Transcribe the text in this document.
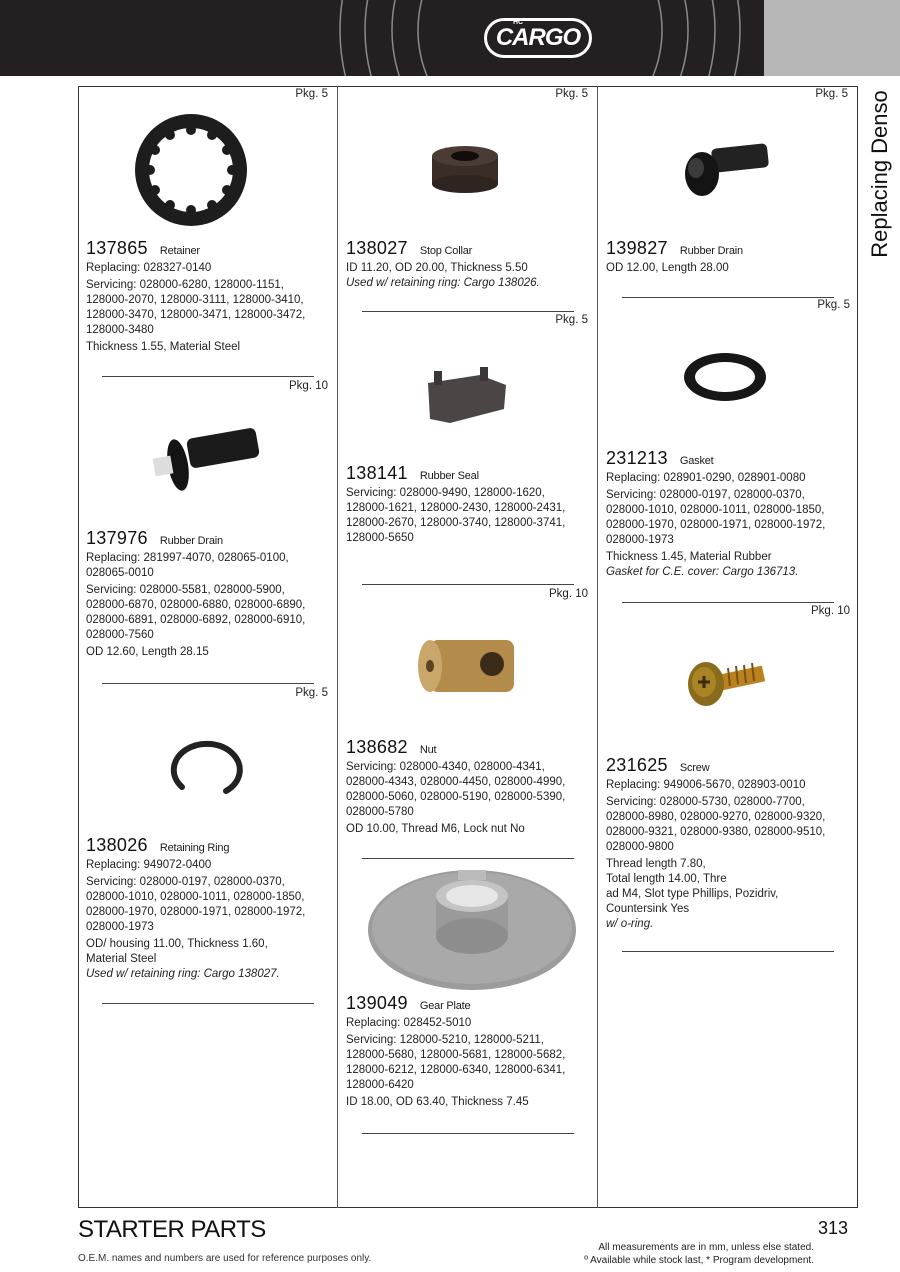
HC
CARGO
Replacing Denso
Pkg. 5
137865 Retainer
Replacing: 028327-0140
Servicing: 028000-6280, 128000-1151,
128000-2070, 128000-3111, 128000-3410,
128000-3470, 128000-3471, 128000-3472,
128000-3480
Thickness 1.55, Material Steel
Pkg. 10
137976 Rubber Drain
Replacing: 281997-4070, 028065-0100,
028065-0010
Servicing: 028000-5581, 028000-5900,
028000-6870, 028000-6880, 028000-6890,
028000-6891, 028000-6892, 028000-6910,
028000-7560
OD 12.60, Length 28.15
Pkg. 5
138026 Retaining Ring
Replacing: 949072-0400
Servicing: 028000-0197, 028000-0370,
028000-1010, 028000-1011, 028000-1850,
028000-1970, 028000-1971, 028000-1972,
028000-1973
OD/ housing 11.00, Thickness 1.60,
Material Steel
Used w/ retaining ring: Cargo 138027.
Pkg. 5
138027 Stop Collar
ID 11.20, OD 20.00, Thickness 5.50
Used w/ retaining ring: Cargo 138026.
Pkg. 5
138141 Rubber Seal
Servicing: 028000-9490, 128000-1620,
128000-1621, 128000-2430, 128000-2431,
128000-2670, 128000-3740, 128000-3741,
128000-5650
Pkg. 10
138682 Nut
Servicing: 028000-4340, 028000-4341,
028000-4343, 028000-4450, 028000-4990,
028000-5060, 028000-5190, 028000-5390,
028000-5780
OD 10.00, Thread M6, Lock nut No
139049 Gear Plate
Replacing: 028452-5010
Servicing: 128000-5210, 128000-5211,
128000-5680, 128000-5681, 128000-5682,
128000-6212, 128000-6340, 128000-6341,
128000-6420
ID 18.00, OD 63.40, Thickness 7.45
Pkg. 5
139827 Rubber Drain
OD 12.00, Length 28.00
Pkg. 5
231213 Gasket
Replacing: 028901-0290, 028901-0080
Servicing: 028000-0197, 028000-0370,
028000-1010, 028000-1011, 028000-1850,
028000-1970, 028000-1971, 028000-1972,
028000-1973
Thickness 1.45, Material Rubber
Gasket for C.E. cover: Cargo 136713.
Pkg. 10
231625 Screw
Replacing: 949006-5670, 028903-0010
Servicing: 028000-5730, 028000-7700,
028000-8980, 028000-9270, 028000-9320,
028000-9321, 028000-9380, 028000-9510,
028000-9800
Thread length 7.80,
Total length 14.00, Thre
ad M4, Slot type Phillips, Pozidriv,
Countersink Yes
w/ o-ring.
STARTER PARTS
O.E.M. names and numbers are used for reference purposes only.
313
All measurements are in mm, unless else stated.
º Available while stock last, * Program development.
